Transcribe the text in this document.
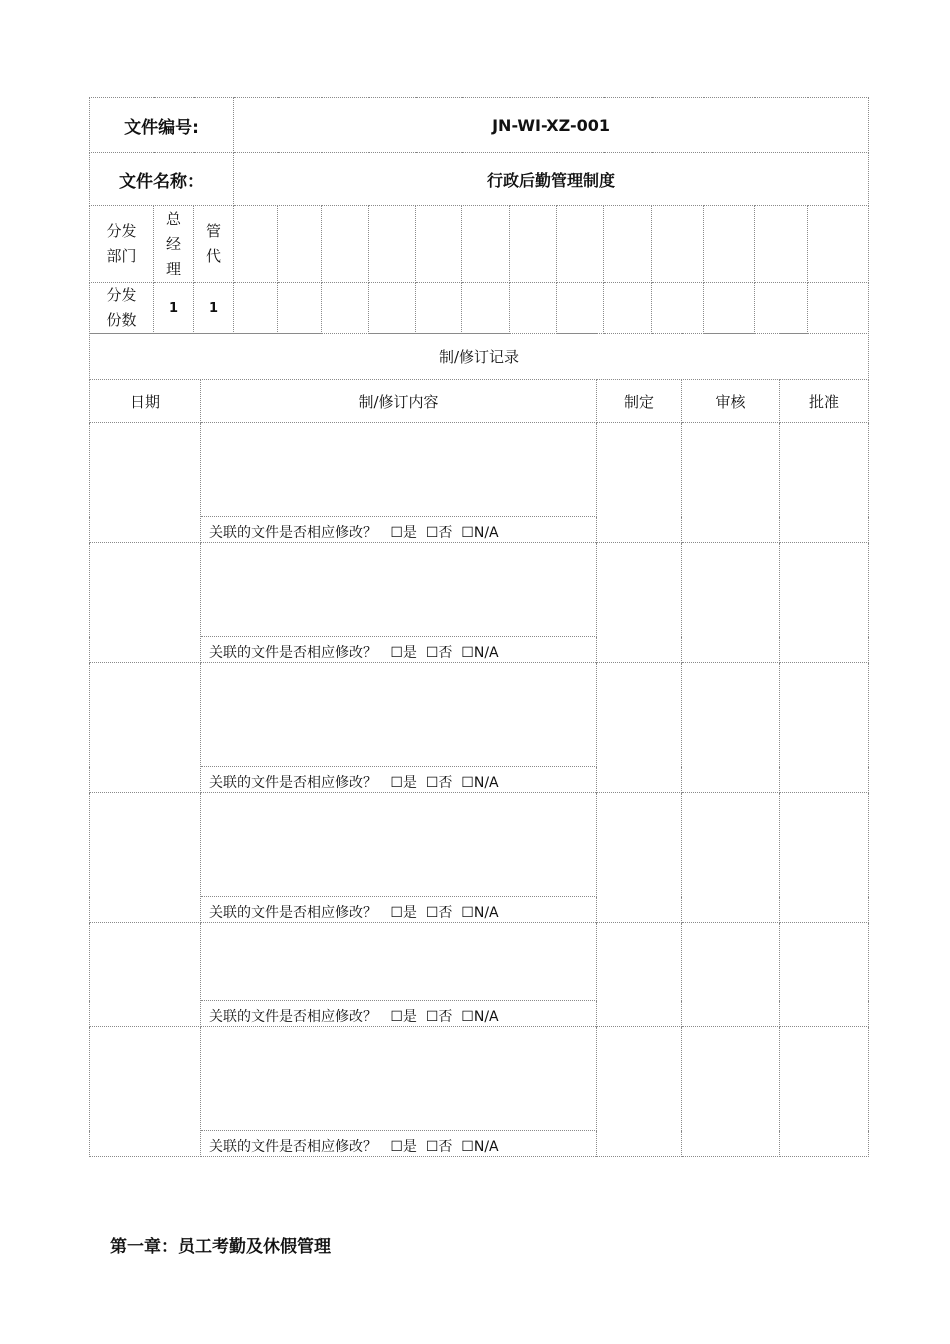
文件编号:			JN-WI-XZ-001												
文件名称：			行政后勤管理制度												

分发部门	总经理	管代													

分发份数	1	1													
制/修订记录				
日期	制/修订内容	制定	审核	批准

	关联的文件是否相应修改？ ☐是 ☐否 ☐N/A			

	关联的文件是否相应修改？ ☐是 ☐否 ☐N/A			

	关联的文件是否相应修改？ ☐是 ☐否 ☐N/A			

	关联的文件是否相应修改？ ☐是 ☐否 ☐N/A			

	关联的文件是否相应修改？ ☐是 ☐否 ☐N/A			

	关联的文件是否相应修改？ ☐是 ☐否 ☐N/A			
第一章：员工考勤及休假管理
